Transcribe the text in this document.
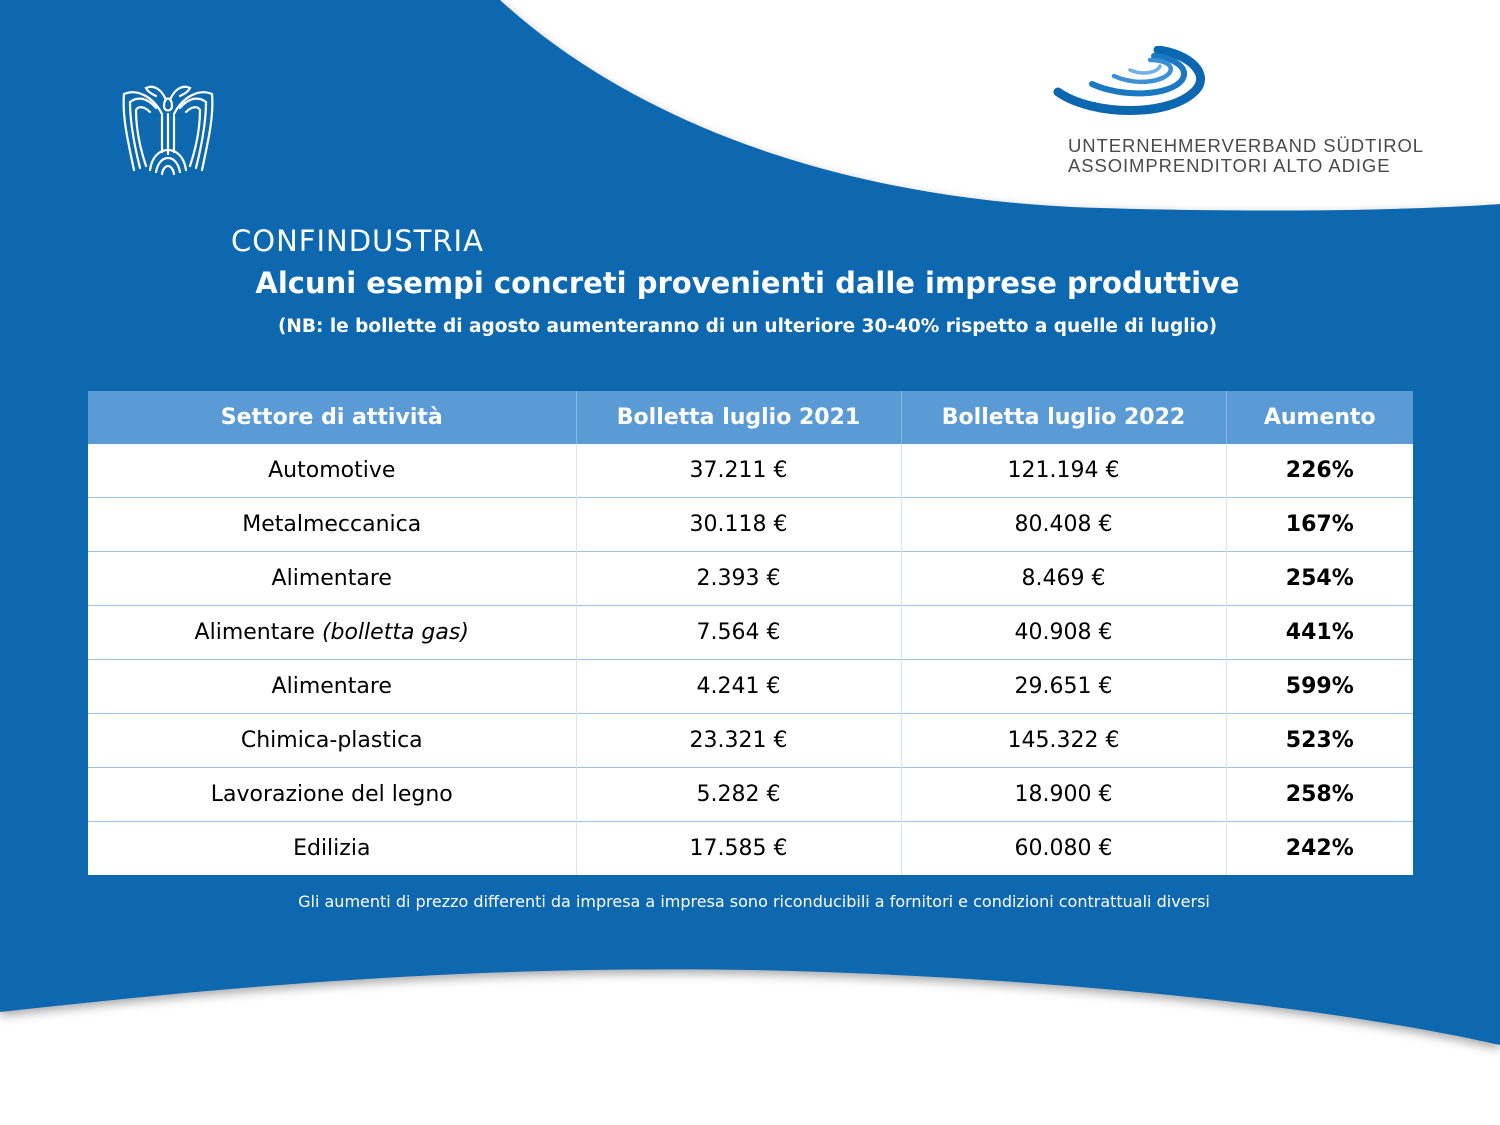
CONFINDUSTRIA
UNTERNEHMERVERBAND SÜDTIROL
ASSOIMPRENDITORI ALTO ADIGE
Alcuni esempi concreti provenienti dalle imprese produttive
(NB: le bollette di agosto aumenteranno di un ulteriore 30-40% rispetto a quelle di luglio)
Settore di attività	Bolletta luglio 2021	Bolletta luglio 2022	Aumento
Automotive	37.211 €	121.194 €	226%
Metalmeccanica	30.118 €	80.408 €	167%
Alimentare	2.393 €	8.469 €	254%
Alimentare (bolletta gas)	7.564 €	40.908 €	441%
Alimentare	4.241 €	29.651 €	599%
Chimica-plastica	23.321 €	145.322 €	523%
Lavorazione del legno	5.282 €	18.900 €	258%
Edilizia	17.585 €	60.080 €	242%
Gli aumenti di prezzo differenti da impresa a impresa sono riconducibili a fornitori e condizioni contrattuali diversi
